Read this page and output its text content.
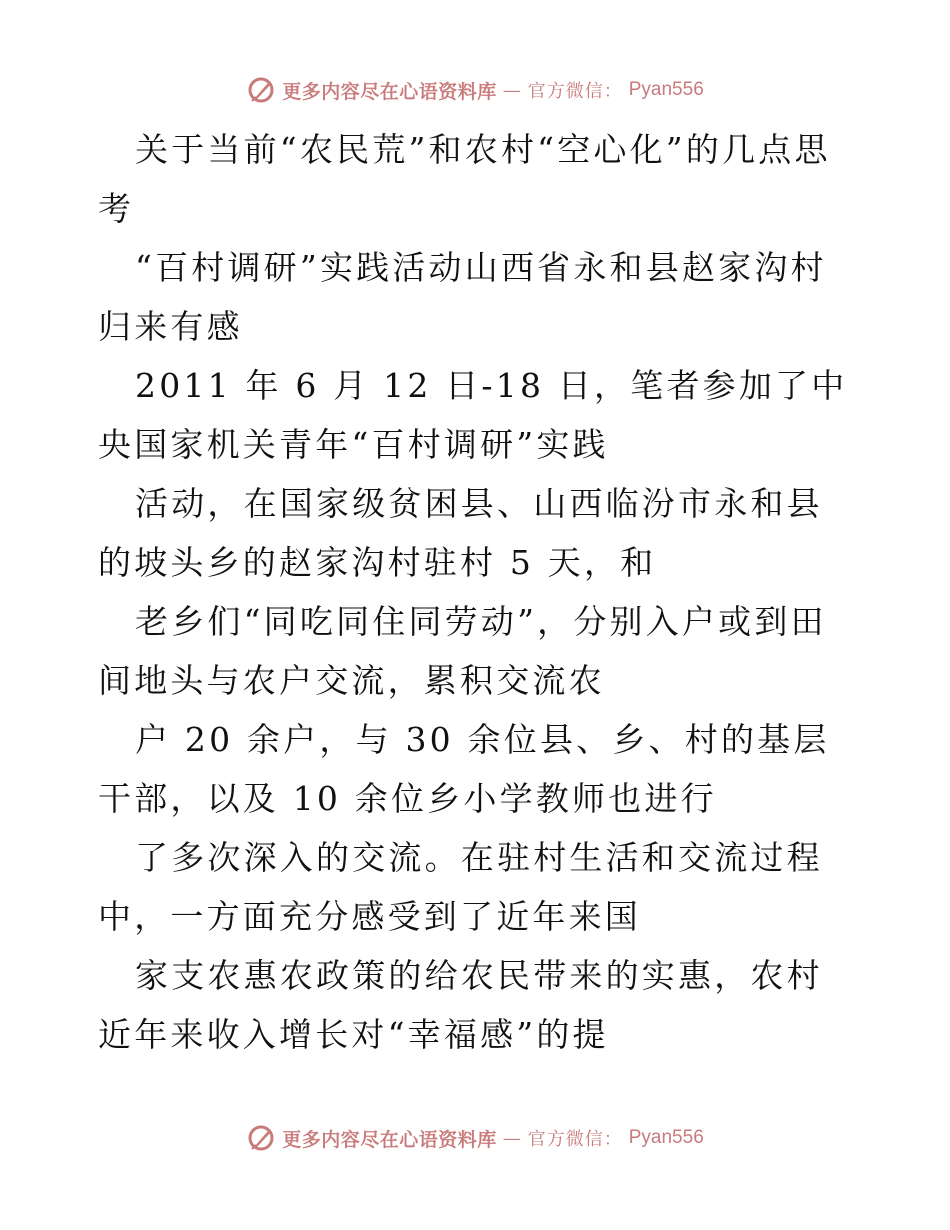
更多内容尽在心语资料库 — 官方微信： Pyan556

关于当前“农民荒”和农村“空心化”的几点思考

“百村调研”实践活动山西省永和县赵家沟村归来有感

2011 年 6 月 12 日-18 日，笔者参加了中央国家机关青年“百村调研”实践

活动，在国家级贫困县、山西临汾市永和县的坡头乡的赵家沟村驻村 5 天，和

老乡们“同吃同住同劳动”，分别入户或到田间地头与农户交流，累积交流农

户 20 余户，与 30 余位县、乡、村的基层干部，以及 10 余位乡小学教师也进行

了多次深入的交流。在驻村生活和交流过程中，一方面充分感受到了近年来国

家支农惠农政策的给农民带来的实惠，农村近年来收入增长对“幸福感”的提

更多内容尽在心语资料库 — 官方微信： Pyan556
